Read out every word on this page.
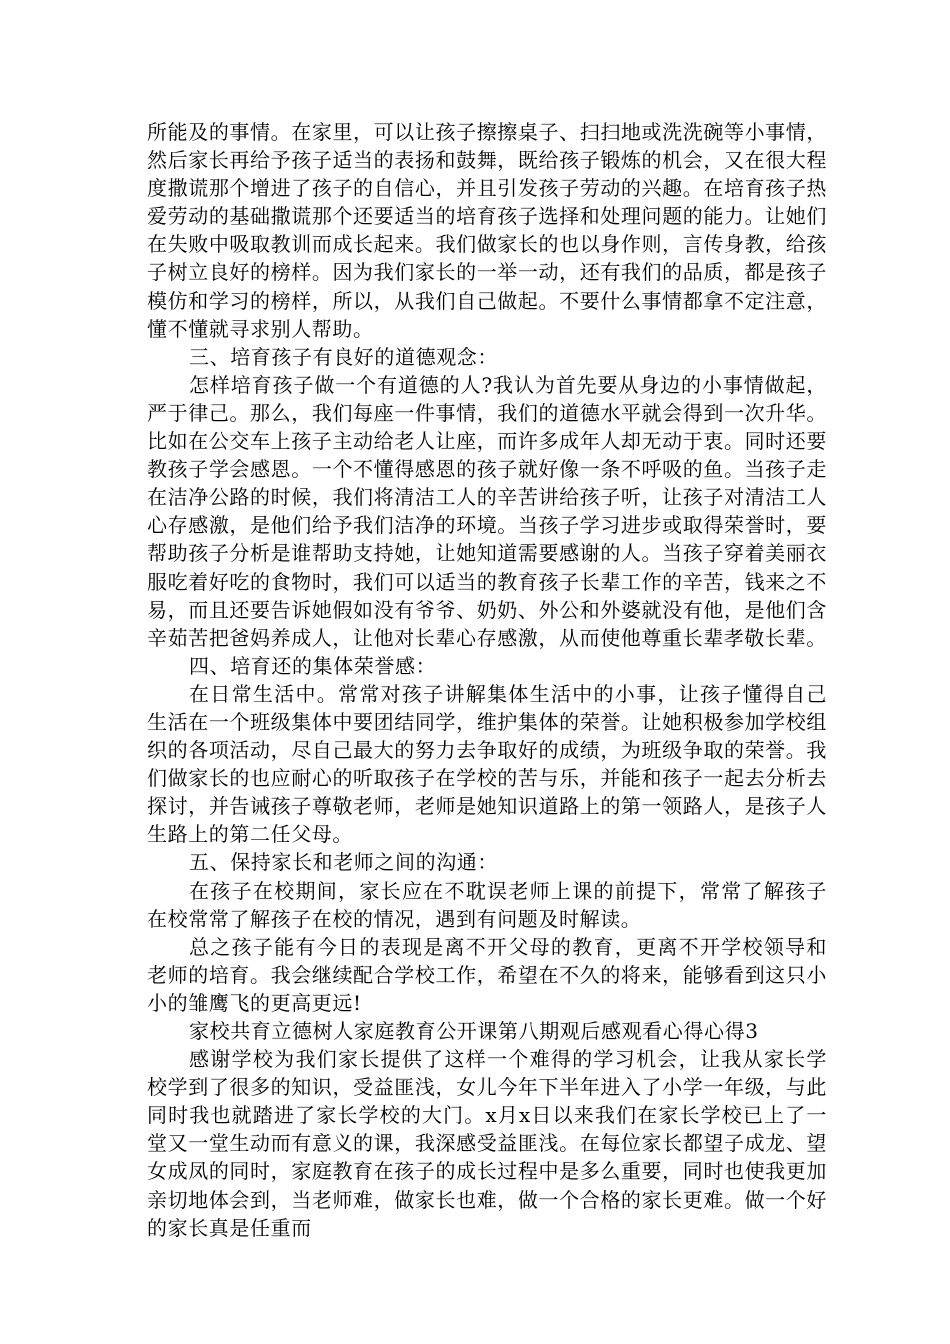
所能及的事情。在家里，可以让孩子擦擦桌子、扫扫地或洗洗碗等小事情，然后家长再给予孩子适当的表扬和鼓舞，既给孩子锻炼的机会，又在很大程度撒谎那个增进了孩子的自信心，并且引发孩子劳动的兴趣。在培育孩子热爱劳动的基础撒谎那个还要适当的培育孩子选择和处理问题的能力。让她们在失败中吸取教训而成长起来。我们做家长的也以身作则，言传身教，给孩子树立良好的榜样。因为我们家长的一举一动，还有我们的品质，都是孩子模仿和学习的榜样，所以，从我们自己做起。不要什么事情都拿不定注意，懂不懂就寻求别人帮助。

三、培育孩子有良好的道德观念：

怎样培育孩子做一个有道德的人?我认为首先要从身边的小事情做起，严于律己。那么，我们每座一件事情，我们的道德水平就会得到一次升华。比如在公交车上孩子主动给老人让座，而许多成年人却无动于衷。同时还要教孩子学会感恩。一个不懂得感恩的孩子就好像一条不呼吸的鱼。当孩子走在洁净公路的时候，我们将清洁工人的辛苦讲给孩子听，让孩子对清洁工人心存感激，是他们给予我们洁净的环境。当孩子学习进步或取得荣誉时，要帮助孩子分析是谁帮助支持她，让她知道需要感谢的人。当孩子穿着美丽衣服吃着好吃的食物时，我们可以适当的教育孩子长辈工作的辛苦，钱来之不易，而且还要告诉她假如没有爷爷、奶奶、外公和外婆就没有他，是他们含辛茹苦把爸妈养成人，让他对长辈心存感激，从而使他尊重长辈孝敬长辈。

四、培育还的集体荣誉感：

在日常生活中。常常对孩子讲解集体生活中的小事，让孩子懂得自己生活在一个班级集体中要团结同学，维护集体的荣誉。让她积极参加学校组织的各项活动，尽自己最大的努力去争取好的成绩，为班级争取的荣誉。我们做家长的也应耐心的听取孩子在学校的苦与乐，并能和孩子一起去分析去探讨，并告诫孩子尊敬老师，老师是她知识道路上的第一领路人，是孩子人生路上的第二任父母。

五、保持家长和老师之间的沟通：

在孩子在校期间，家长应在不耽误老师上课的前提下，常常了解孩子在校常常了解孩子在校的情况，遇到有问题及时解读。

总之孩子能有今日的表现是离不开父母的教育，更离不开学校领导和老师的培育。我会继续配合学校工作，希望在不久的将来，能够看到这只小小的雏鹰飞的更高更远!

家校共育立德树人家庭教育公开课第八期观后感观看心得心得3

感谢学校为我们家长提供了这样一个难得的学习机会，让我从家长学校学到了很多的知识，受益匪浅，女儿今年下半年进入了小学一年级，与此同时我也就踏进了家长学校的大门。x月x日以来我们在家长学校已上了一堂又一堂生动而有意义的课，我深感受益匪浅。在每位家长都望子成龙、望女成凤的同时，家庭教育在孩子的成长过程中是多么重要，同时也使我更加亲切地体会到，当老师难，做家长也难，做一个合格的家长更难。做一个好的家长真是任重而
